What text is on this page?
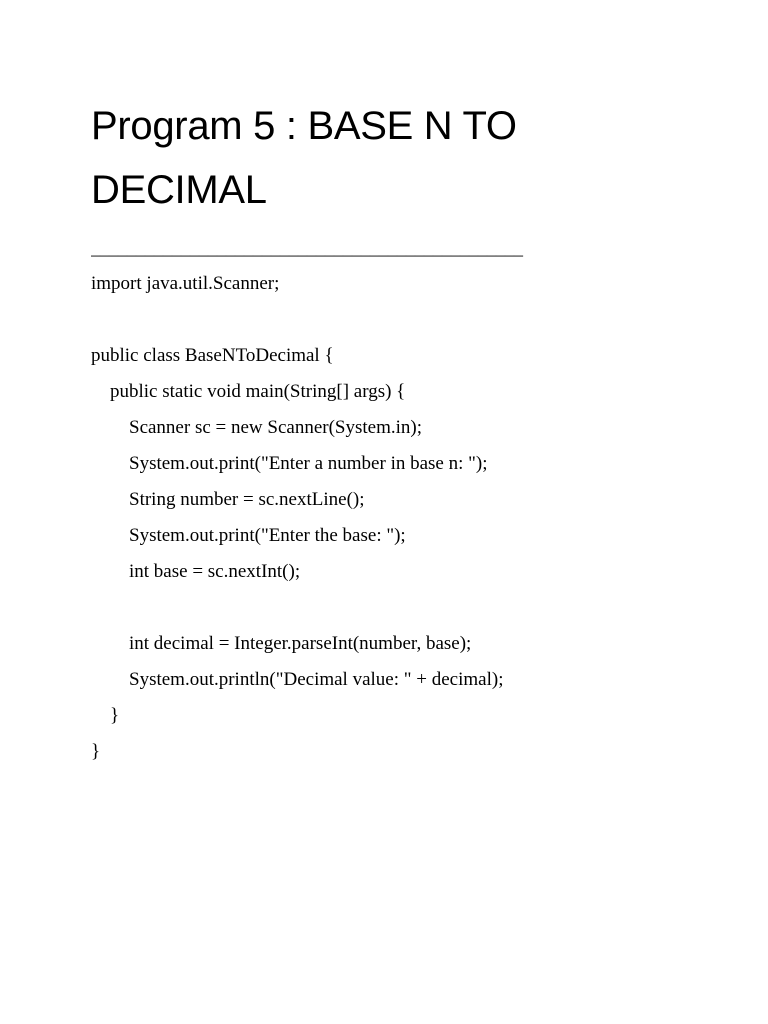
Program 5 : BASE N TO
DECIMAL
________________________________________________
import java.util.Scanner;
public class BaseNToDecimal {
public static void main(String[] args) {
Scanner sc = new Scanner(System.in);
System.out.print("Enter a number in base n: ");
String number = sc.nextLine();
System.out.print("Enter the base: ");
int base = sc.nextInt();
int decimal = Integer.parseInt(number, base);
System.out.println("Decimal value: " + decimal);
}
}
